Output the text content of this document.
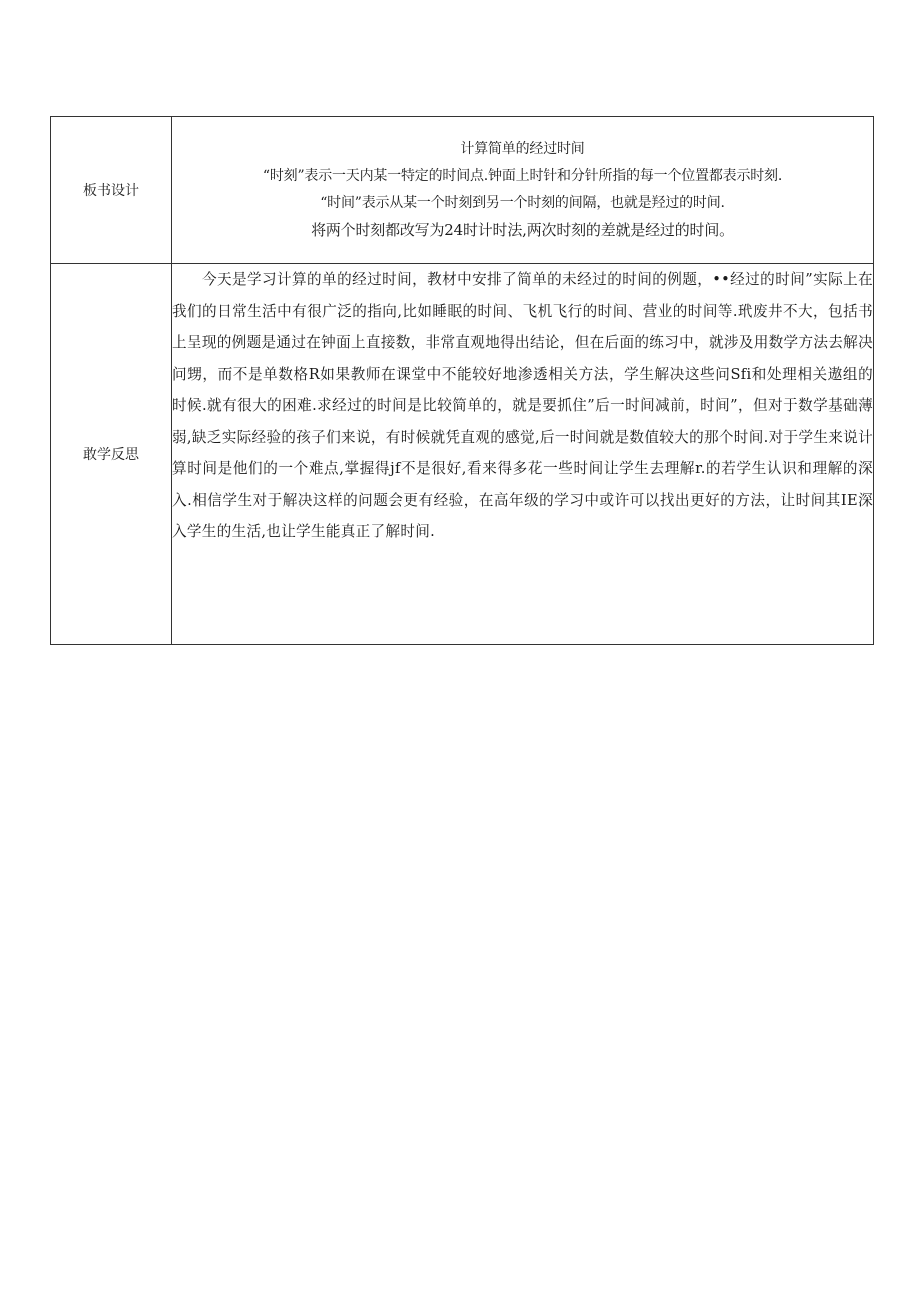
板书设计	计算简单的经过时间
“时刻”表示一天内某一特定的时间点.钟面上时针和分针所指的每一个位置都表示时刻.
“时间”表示从某一个时刻到另一个时刻的间隔，也就是羟过的时间.
将两个时刻都改写为24时计时法,两次时刻的差就是经过的时间。

敢学反思	今天是学习计算的单的经过时间，教材中安排了简单的未经过的时间的例题，••经过的时间”实际上在我们的日常生活中有很广泛的指向,比如睡眠的时间、飞机飞行的时间、营业的时间等.玳废井不大，包括书上呈现的例题是通过在钟面上直接数，非常直观地得出结论，但在后面的练习中，就涉及用数学方法去解决问甥，而不是单数格R如果教师在课堂中不能较好地渗透相关方法，学生解决这些问Sfi和处理相关遨组的时候.就有很大的困难.求经过的时间是比较简单的，就是要抓住”后一时间减前，时间”，但对于数学基础薄弱,缺乏实际经验的孩子们来说，有时候就凭直观的感觉,后一时间就是数值较大的那个时间.对于学生来说计算时间是他们的一个难点,掌握得jf不是很好,看来得多花一些时间让学生去理解r.的若学生认识和理解的深入.相信学生对于解决这样的问题会更有经验，在高年级的学习中或许可以找出更好的方法，让时间其IE深入学生的生活,也让学生能真正了解时间.
